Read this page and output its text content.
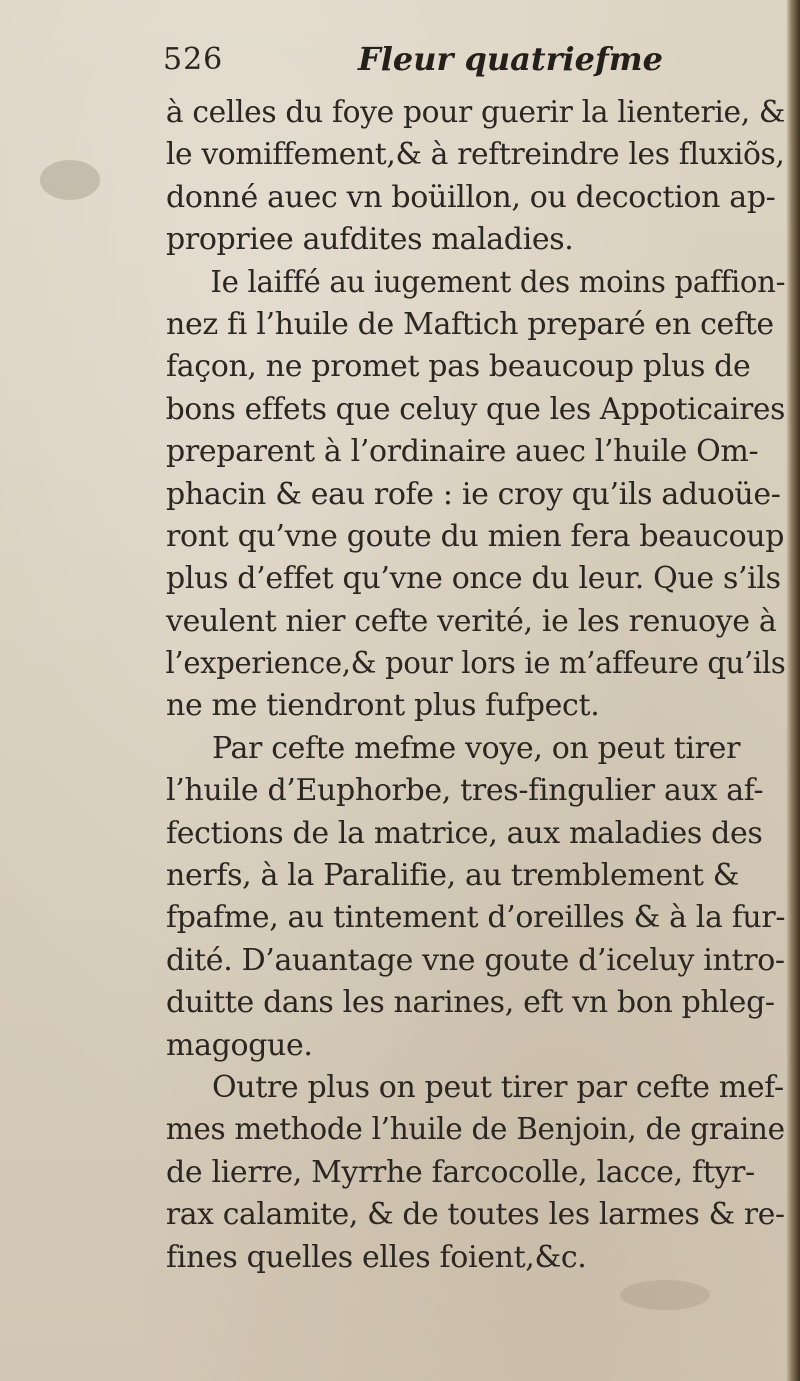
526	Fleur quatriefme
à celles du foye pour guerir la lienterie, &
le vomiffement,& à reftreindre les fluxiõs,
donné auec vn boüillon, ou decoction ap-
propriee aufdites maladies.
Ie laiffé au iugement des moins paffion-
nez fi l’huile de Maftich preparé en cefte
façon, ne promet pas beaucoup plus de
bons effets que celuy que les Appoticaires
preparent à l’ordinaire auec l’huile Om-
phacin & eau rofe : ie croy qu’ils aduoüe-
ront qu’vne goute du mien fera beaucoup
plus d’effet qu’vne once du leur. Que s’ils
veulent nier cefte verité, ie les renuoye à
l’experience,& pour lors ie m’affeure qu’ils
ne me tiendront plus fufpect.
Par cefte mefme voye, on peut tirer
l’huile d’Euphorbe, tres-fingulier aux af-
fections de la matrice, aux maladies des
nerfs, à la Paralifie, au tremblement &
fpafme, au tintement d’oreilles & à la fur-
dité. D’auantage vne goute d’iceluy intro-
duitte dans les narines, eft vn bon phleg-
magogue.
Outre plus on peut tirer par cefte mef-
mes methode l’huile de Benjoin, de graine
de lierre, Myrrhe farcocolle, lacce, ftyr-
rax calamite, & de toutes les larmes & re-
fines quelles elles foient,&c.
